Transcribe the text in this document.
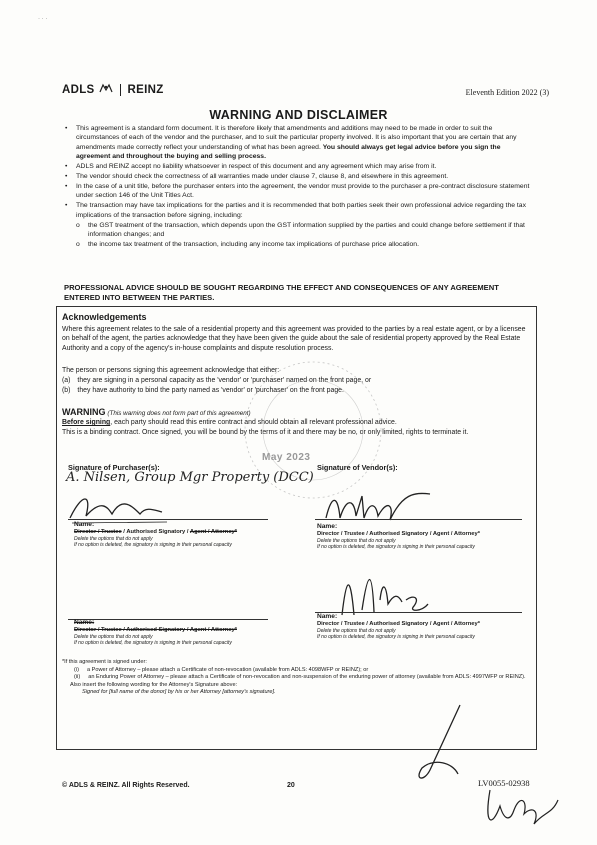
· · ·
ADLS	REINZ	Eleventh Edition 2022 (3)
WARNING AND DISCLAIMER
• This agreement is a standard form document. It is therefore likely that amendments and additions may need to be made in order to suit the circumstances of each of the vendor and the purchaser, and to suit the particular property involved. It is also important that you are certain that any amendments made correctly reflect your understanding of what has been agreed. You should always get legal advice before you sign the agreement and throughout the buying and selling process.
• ADLS and REINZ accept no liability whatsoever in respect of this document and any agreement which may arise from it.
• The vendor should check the correctness of all warranties made under clause 7, clause 8, and elsewhere in this agreement.
• In the case of a unit title, before the purchaser enters into the agreement, the vendor must provide to the purchaser a pre-contract disclosure statement under section 146 of the Unit Titles Act.
• The transaction may have tax implications for the parties and it is recommended that both parties seek their own professional advice regarding the tax implications of the transaction before signing, including:
o the GST treatment of the transaction, which depends upon the GST information supplied by the parties and could change before settlement if that information changes; and
o the income tax treatment of the transaction, including any income tax implications of purchase price allocation.
PROFESSIONAL ADVICE SHOULD BE SOUGHT REGARDING THE EFFECT AND CONSEQUENCES OF ANY AGREEMENT ENTERED INTO BETWEEN THE PARTIES.
Acknowledgements
Where this agreement relates to the sale of a residential property and this agreement was provided to the parties by a real estate agent, or by a licensee on behalf of the agent, the parties acknowledge that they have been given the guide about the sale of residential property approved by the Real Estate Authority and a copy of the agency's in-house complaints and dispute resolution process.
The person or persons signing this agreement acknowledge that either:
(a) they are signing in a personal capacity as the 'vendor' or 'purchaser' named on the front page, or
(b) they have authority to bind the party named as 'vendor' or 'purchaser' on the front page.
WARNING (This warning does not form part of this agreement)
Before signing, each party should read this entire contract and should obtain all relevant professional advice.
This is a binding contract. Once signed, you will be bound by the terms of it and there may be no, or only limited, rights to terminate it.
May 2023
Signature of Purchaser(s):	Signature of Vendor(s):
A. Nilsen, Group Mgr Property (DCC)
Name:
Director / Trustee / Authorised Signatory / Agent / Attorney*
Delete the options that do not apply
If no option is deleted, the signatory is signing in their personal capacity
Name:
Director / Trustee / Authorised Signatory / Agent / Attorney*
Delete the options that do not apply
If no option is deleted, the signatory is signing in their personal capacity
Name:
Director / Trustee / Authorised Signatory / Agent / Attorney*
Delete the options that do not apply
If no option is deleted, the signatory is signing in their personal capacity
Name:
Director / Trustee / Authorised Signatory / Agent / Attorney*
Delete the options that do not apply
If no option is deleted, the signatory is signing in their personal capacity
*If this agreement is signed under:
(i) a Power of Attorney – please attach a Certificate of non-revocation (available from ADLS: 4098WFP or REINZ); or
(ii) an Enduring Power of Attorney – please attach a Certificate of non-revocation and non-suspension of the enduring power of attorney (available from ADLS: 4997WFP or REINZ).
Also insert the following wording for the Attorney's Signature above:
Signed for [full name of the donor] by his or her Attorney [attorney's signature].
© ADLS & REINZ. All Rights Reserved.	20	LV0055-02938
